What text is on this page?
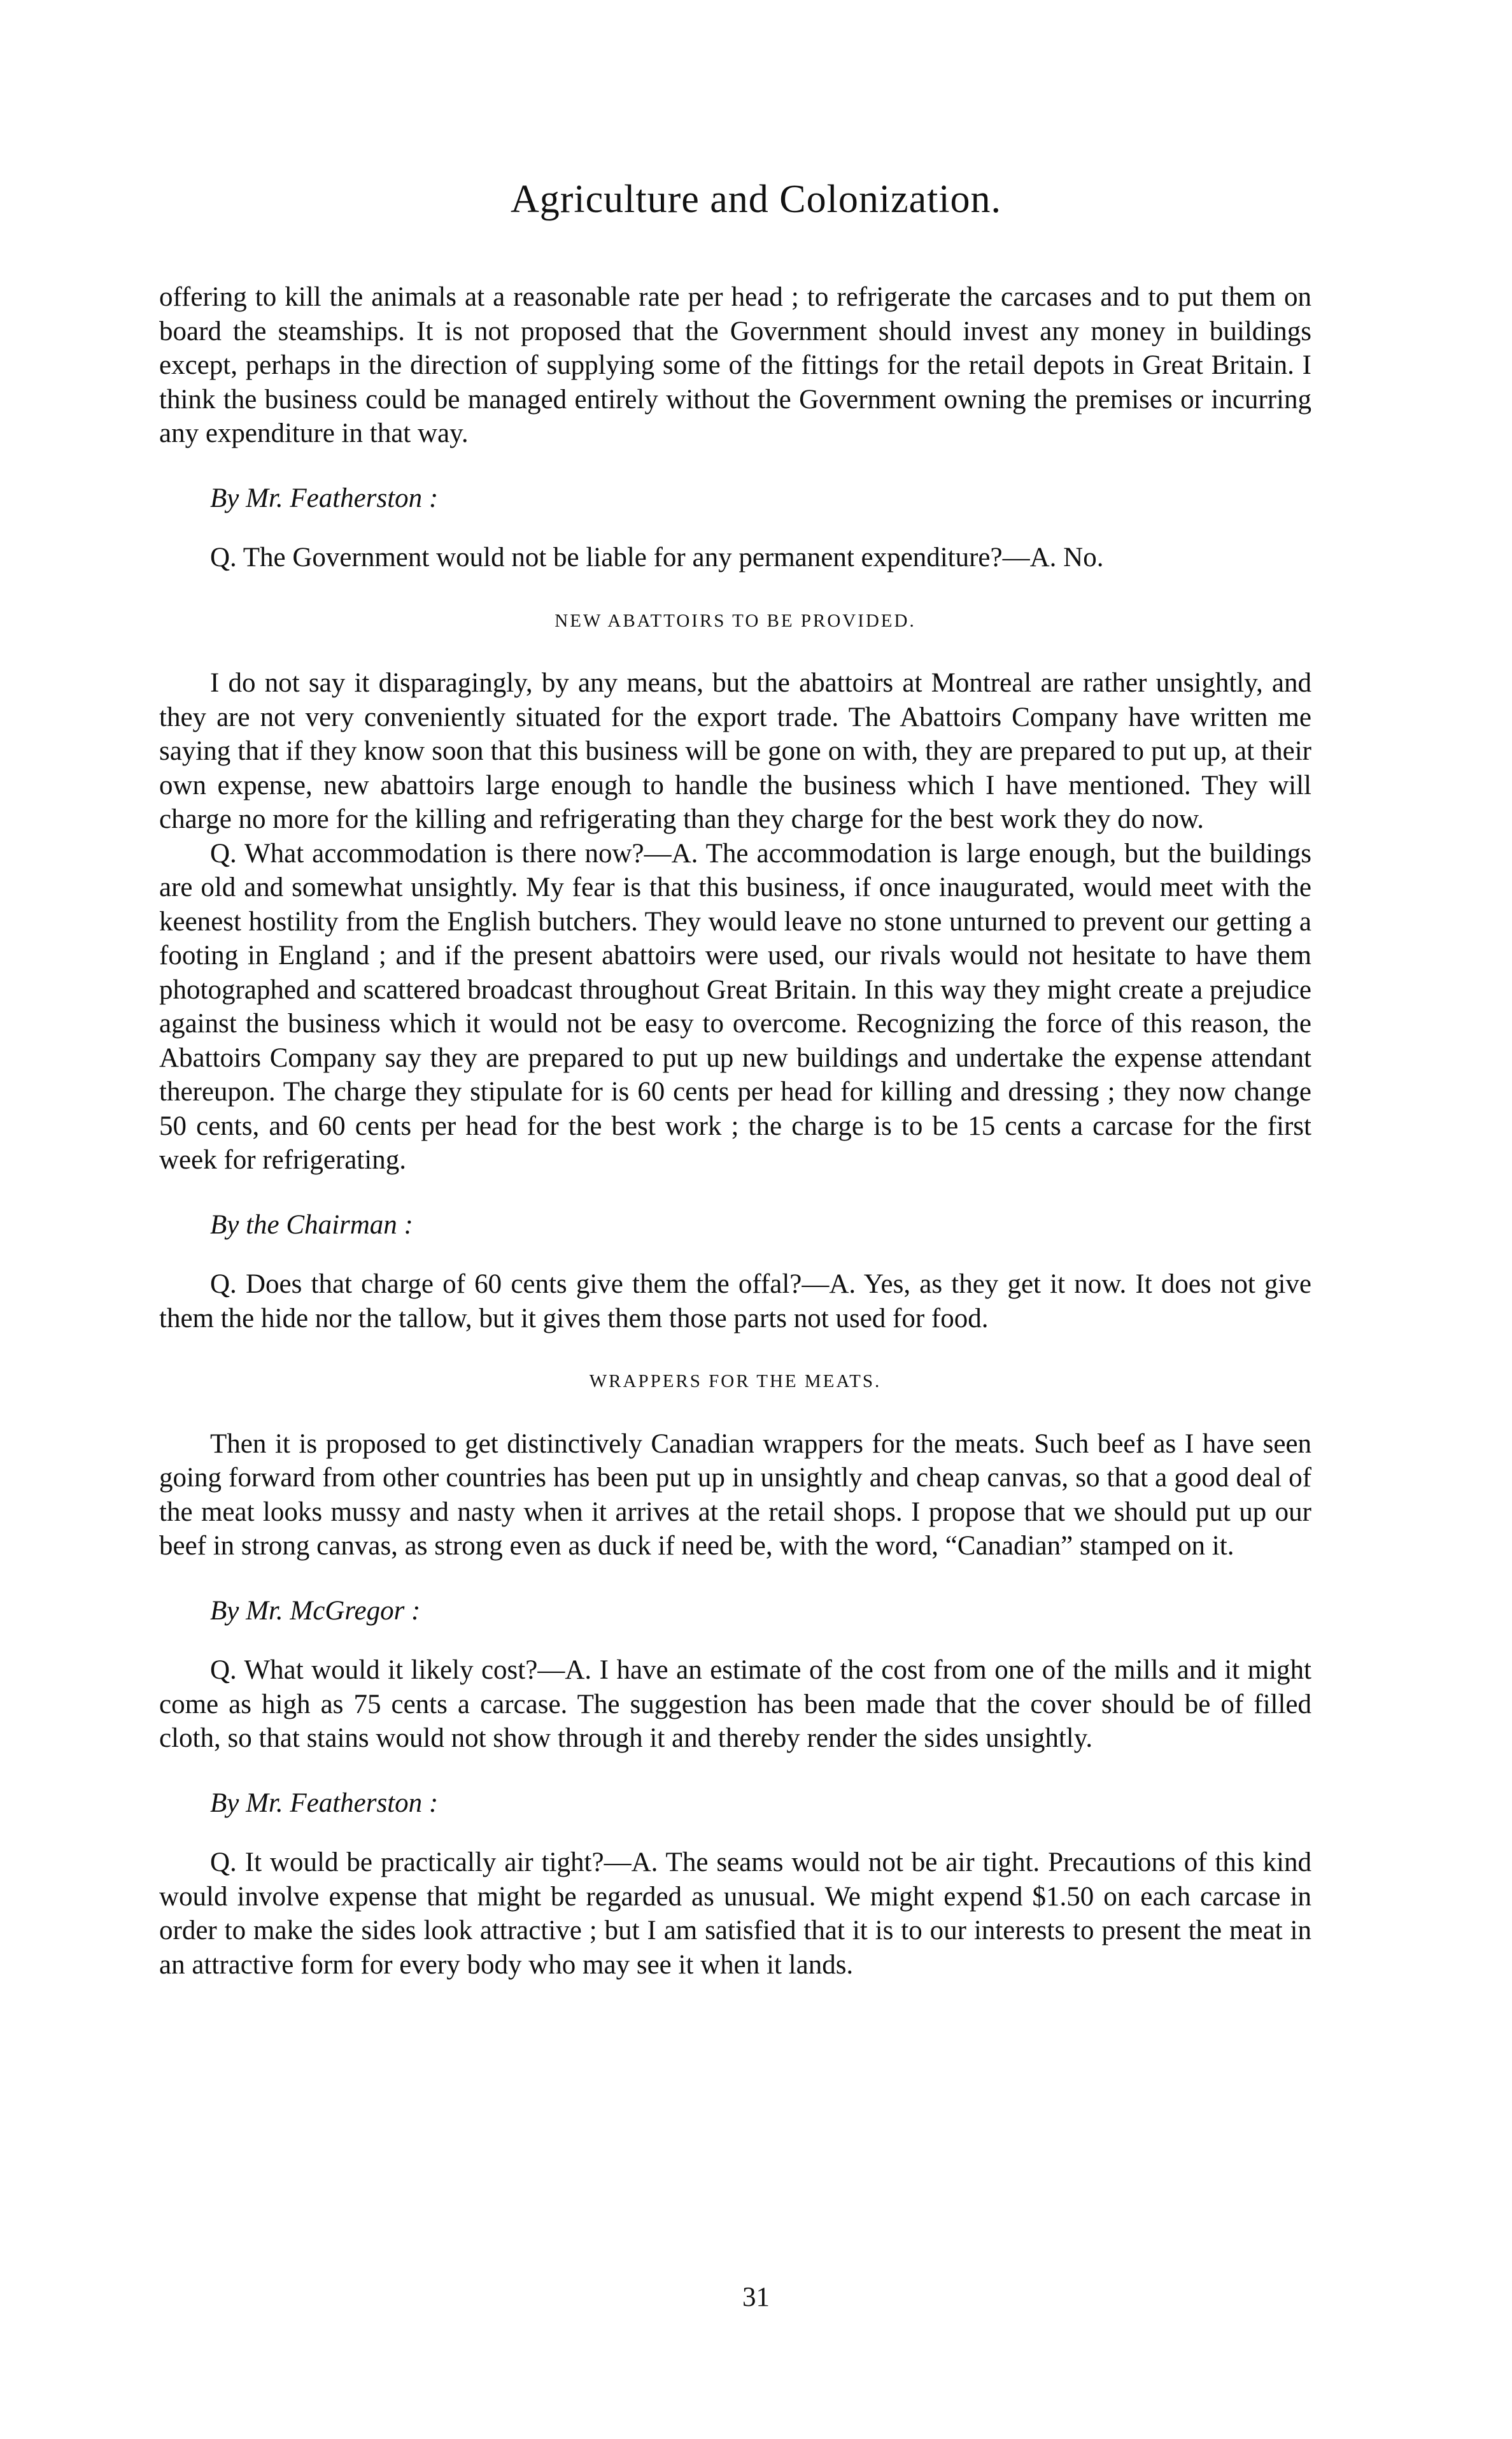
Agriculture and Colonization.

offering to kill the animals at a reasonable rate per head ; to refrigerate the carcases and to put them on board the steamships. It is not proposed that the Government should invest any money in buildings except, perhaps in the direction of supplying some of the fittings for the retail depots in Great Britain. I think the business could be managed entirely without the Government owning the premises or incurring any expenditure in that way.

By Mr. Featherston :

Q. The Government would not be liable for any permanent expenditure?—A. No.

NEW ABATTOIRS TO BE PROVIDED.

I do not say it disparagingly, by any means, but the abattoirs at Montreal are rather unsightly, and they are not very conveniently situated for the export trade. The Abattoirs Company have written me saying that if they know soon that this business will be gone on with, they are prepared to put up, at their own expense, new abattoirs large enough to handle the business which I have mentioned. They will charge no more for the killing and refrigerating than they charge for the best work they do now.

Q. What accommodation is there now?—A. The accommodation is large enough, but the buildings are old and somewhat unsightly. My fear is that this business, if once inaugurated, would meet with the keenest hostility from the English butchers. They would leave no stone unturned to prevent our getting a footing in England ; and if the present abattoirs were used, our rivals would not hesitate to have them photographed and scattered broadcast throughout Great Britain. In this way they might create a prejudice against the business which it would not be easy to overcome. Recognizing the force of this reason, the Abattoirs Company say they are prepared to put up new buildings and undertake the expense attendant thereupon. The charge they stipulate for is 60 cents per head for killing and dressing ; they now change 50 cents, and 60 cents per head for the best work ; the charge is to be 15 cents a carcase for the first week for refrigerating.

By the Chairman :

Q. Does that charge of 60 cents give them the offal?—A. Yes, as they get it now. It does not give them the hide nor the tallow, but it gives them those parts not used for food.

WRAPPERS FOR THE MEATS.

Then it is proposed to get distinctively Canadian wrappers for the meats. Such beef as I have seen going forward from other countries has been put up in unsightly and cheap canvas, so that a good deal of the meat looks mussy and nasty when it arrives at the retail shops. I propose that we should put up our beef in strong canvas, as strong even as duck if need be, with the word, “Canadian” stamped on it.

By Mr. McGregor :

Q. What would it likely cost?—A. I have an estimate of the cost from one of the mills and it might come as high as 75 cents a carcase. The suggestion has been made that the cover should be of filled cloth, so that stains would not show through it and thereby render the sides unsightly.

By Mr. Featherston :

Q. It would be practically air tight?—A. The seams would not be air tight. Precautions of this kind would involve expense that might be regarded as unusual. We might expend $1.50 on each carcase in order to make the sides look attractive ; but I am satisfied that it is to our interests to present the meat in an attractive form for every body who may see it when it lands.

31
